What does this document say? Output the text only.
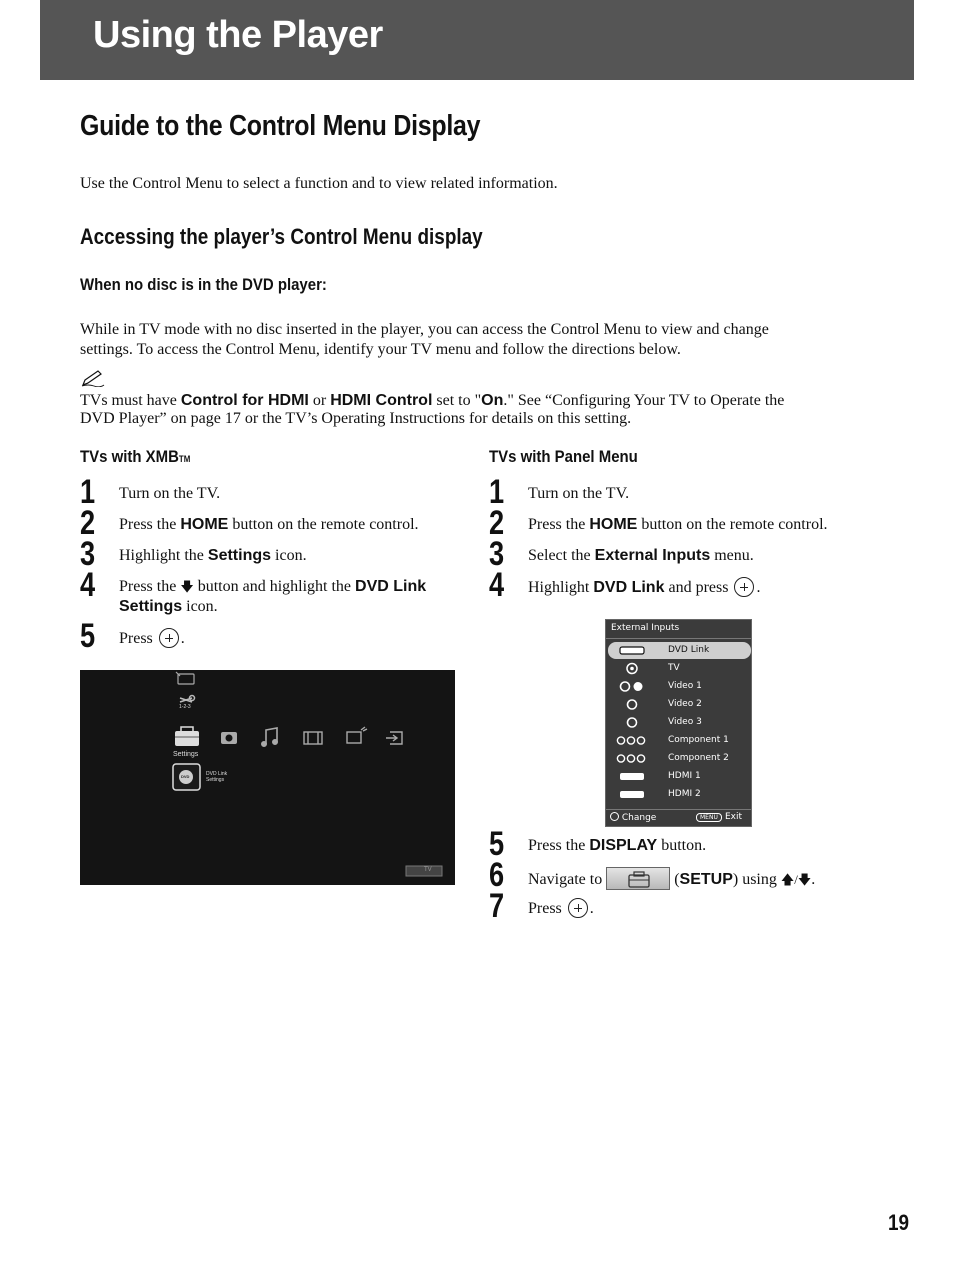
Using the Player
Guide to the Control Menu Display
Use the Control Menu to select a function and to view related information.
Accessing the player’s Control Menu display
When no disc is in the DVD player:
While in TV mode with no disc inserted in the player, you can access the Control Menu to view and change
settings. To access the Control Menu, identify your TV menu and follow the directions below.
TVs must have Control for HDMI or HDMI Control set to "On." See “Configuring Your TV to Operate the
DVD Player” on page 17 or the TV’s Operating Instructions for details on this setting.
TVs with XMBTM
1 Turn on the TV.
2 Press the HOME button on the remote control.
3 Highlight the Settings icon.
4 Press the 🡇 button and highlight the DVD Link
Settings icon.
5 Press .
1-2-3
Settings
DVD	DVD Link
Settings
TV
TVs with Panel Menu
1 Turn on the TV.
2 Press the HOME button on the remote control.
3 Select the External Inputs menu.
4 Highlight DVD Link and press .
External Inputs
DVD Link
TV
Video 1
Video 2
Video 3
Component 1
Component 2
HDMI 1
HDMI 2
Change	MENU Exit
5 Press the DISPLAY button.
6 Navigate to	(SETUP) using 🡅/🡇.
7 Press .
19
